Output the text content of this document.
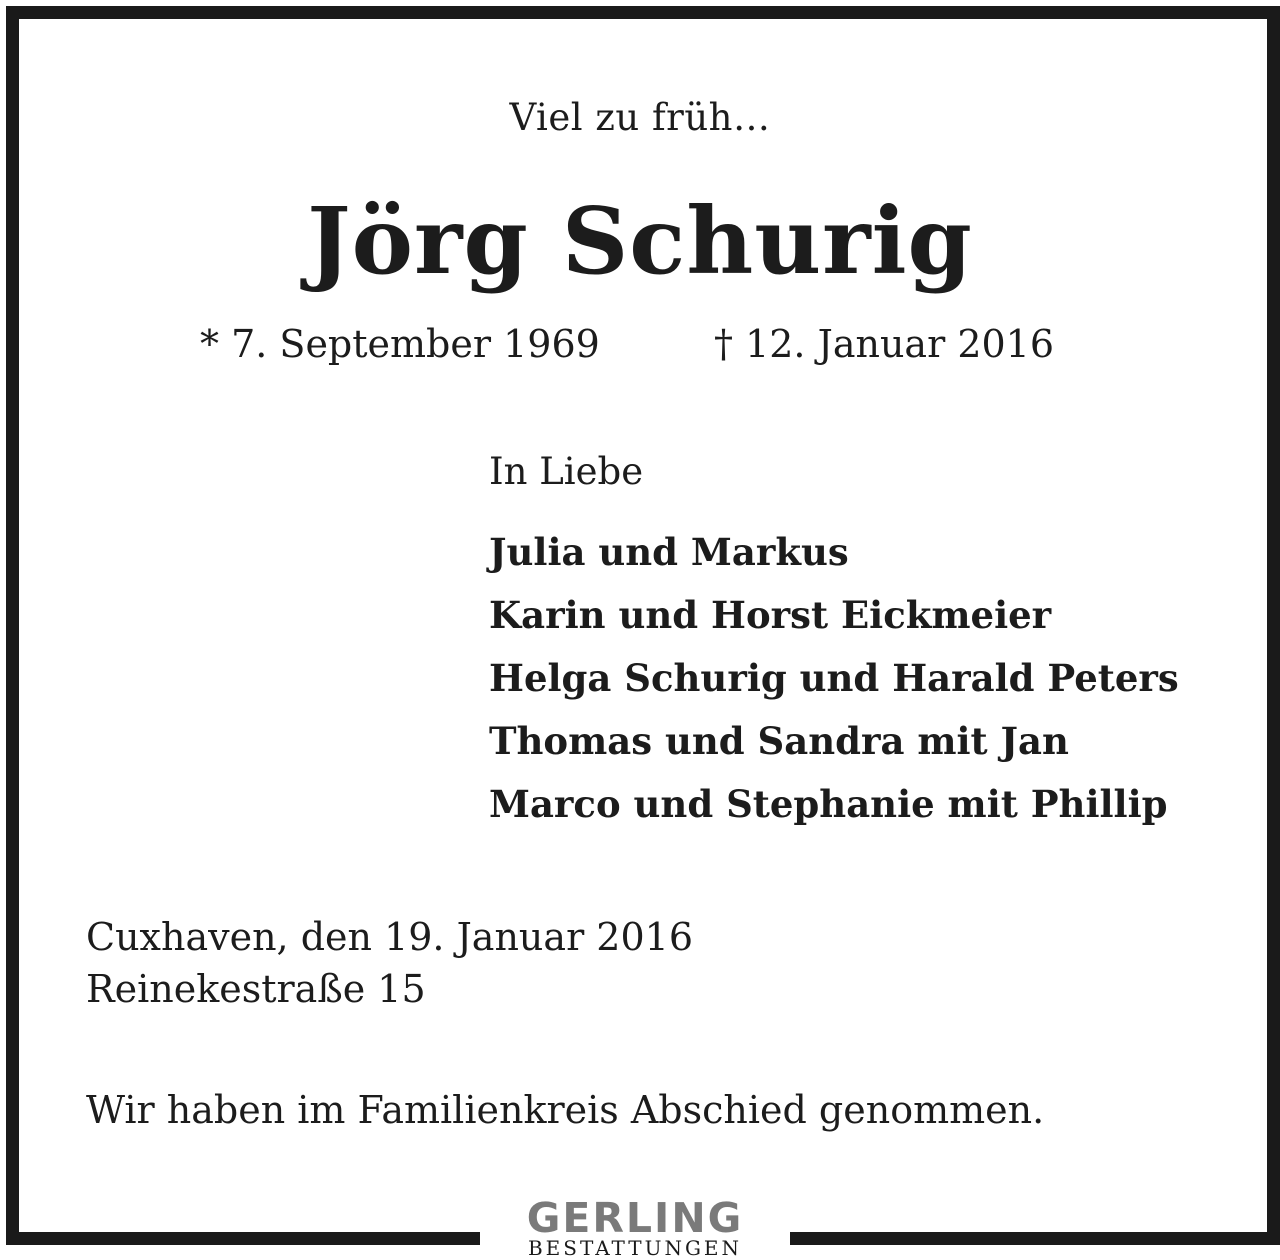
Viel zu früh…
Jörg Schurig
* 7. September 1969	† 12. Januar 2016
In Liebe
Julia und Markus
Karin und Horst Eickmeier
Helga Schurig und Harald Peters
Thomas und Sandra mit Jan
Marco und Stephanie mit Phillip
Cuxhaven, den 19. Januar 2016
Reinekestraße 15
Wir haben im Familienkreis Abschied genommen.
GERLING
BESTATTUNGEN
